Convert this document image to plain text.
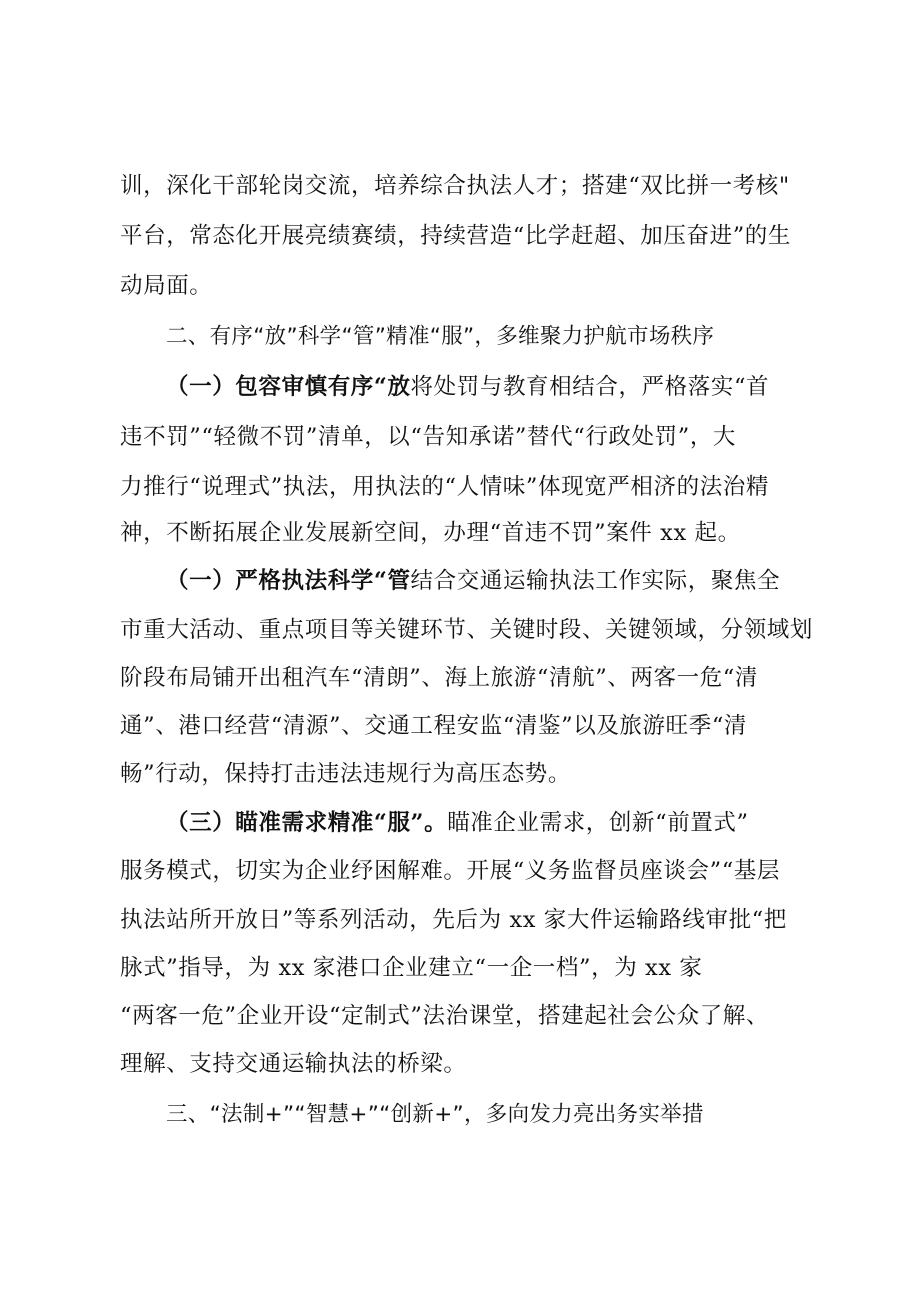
训，深化干部轮岗交流，培养综合执法人才；搭建“双比拼一考核"
平台，常态化开展亮绩赛绩，持续营造“比学赶超、加压奋进”的生
动局面。
二、有序“放”科学“管”精准“服”，多维聚力护航市场秩序
（一）包容审慎有序“放将处罚与教育相结合，严格落实“首
违不罚”“轻微不罚”清单，以“告知承诺”替代“行政处罚”，大
力推行“说理式”执法，用执法的“人情味”体现宽严相济的法治精
神，不断拓展企业发展新空间，办理“首违不罚”案件 xx 起。
（一）严格执法科学“管结合交通运输执法工作实际，聚焦全
市重大活动、重点项目等关键环节、关键时段、关键领域，分领域划
阶段布局铺开出租汽车“清朗”、海上旅游“清航”、两客一危“清
通”、港口经营“清源”、交通工程安监“清鉴”以及旅游旺季“清
畅”行动，保持打击违法违规行为高压态势。
（三）瞄准需求精准“服”。瞄准企业需求，创新“前置式”
服务模式，切实为企业纾困解难。开展“义务监督员座谈会”“基层
执法站所开放日”等系列活动，先后为 xx 家大件运输路线审批“把
脉式”指导，为 xx 家港口企业建立“一企一档”，为 xx 家
“两客一危”企业开设“定制式”法治课堂，搭建起社会公众了解、
理解、支持交通运输执法的桥梁。
三、“法制+”“智慧+”“创新+”，多向发力亮出务实举措
